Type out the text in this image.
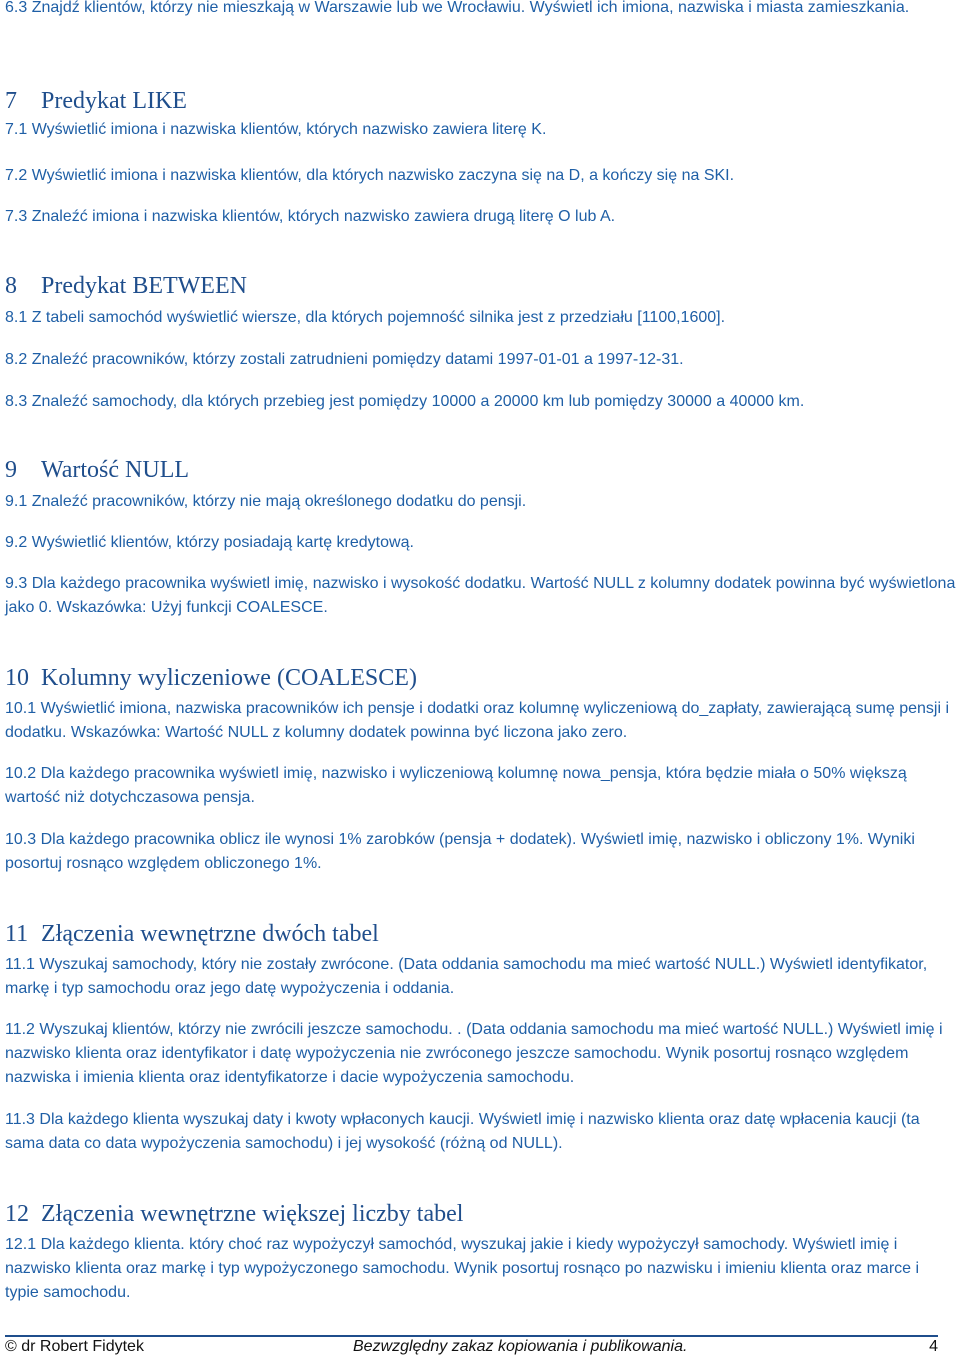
6.3 Znajdź klientów, którzy nie mieszkają w Warszawie lub we Wrocławiu. Wyświetl ich imiona, nazwiska i miasta zamieszkania.
7 Predykat LIKE
7.1 Wyświetlić imiona i nazwiska klientów, których nazwisko zawiera literę K.
7.2 Wyświetlić imiona i nazwiska klientów, dla których nazwisko zaczyna się na D, a kończy się na SKI.
7.3 Znaleźć imiona i nazwiska klientów, których nazwisko zawiera drugą literę O lub A.
8 Predykat BETWEEN
8.1 Z tabeli samochód wyświetlić wiersze, dla których pojemność silnika jest z przedziału [1100,1600].
8.2 Znaleźć pracowników, którzy zostali zatrudnieni pomiędzy datami 1997-01-01 a 1997-12-31.
8.3 Znaleźć samochody, dla których przebieg jest pomiędzy 10000 a 20000 km lub pomiędzy 30000 a 40000 km.
9 Wartość NULL
9.1 Znaleźć pracowników, którzy nie mają określonego dodatku do pensji.
9.2 Wyświetlić klientów, którzy posiadają kartę kredytową.
9.3 Dla każdego pracownika wyświetl imię, nazwisko i wysokość dodatku. Wartość NULL z kolumny dodatek powinna być wyświetlona jako 0. Wskazówka: Użyj funkcji COALESCE.
10 Kolumny wyliczeniowe (COALESCE)
10.1 Wyświetlić imiona, nazwiska pracowników ich pensje i dodatki oraz kolumnę wyliczeniową do_zapłaty, zawierającą sumę pensji i dodatku. Wskazówka: Wartość NULL z kolumny dodatek powinna być liczona jako zero.
10.2 Dla każdego pracownika wyświetl imię, nazwisko i wyliczeniową kolumnę nowa_pensja, która będzie miała o 50% większą wartość niż dotychczasowa pensja.
10.3 Dla każdego pracownika oblicz ile wynosi 1% zarobków (pensja + dodatek). Wyświetl imię, nazwisko i obliczony 1%. Wyniki posortuj rosnąco względem obliczonego 1%.
11 Złączenia wewnętrzne dwóch tabel
11.1 Wyszukaj samochody, który nie zostały zwrócone. (Data oddania samochodu ma mieć wartość NULL.) Wyświetl identyfikator, markę i typ samochodu oraz jego datę wypożyczenia i oddania.
11.2 Wyszukaj klientów, którzy nie zwrócili jeszcze samochodu. . (Data oddania samochodu ma mieć wartość NULL.) Wyświetl imię i nazwisko klienta oraz identyfikator i datę wypożyczenia nie zwróconego jeszcze samochodu. Wynik posortuj rosnąco względem nazwiska i imienia klienta oraz identyfikatorze i dacie wypożyczenia samochodu.
11.3 Dla każdego klienta wyszukaj daty i kwoty wpłaconych kaucji. Wyświetl imię i nazwisko klienta oraz datę wpłacenia kaucji (ta sama data co data wypożyczenia samochodu) i jej wysokość (różną od NULL).
12 Złączenia wewnętrzne większej liczby tabel
12.1 Dla każdego klienta. który choć raz wypożyczył samochód, wyszukaj jakie i kiedy wypożyczył samochody. Wyświetl imię i nazwisko klienta oraz markę i typ wypożyczonego samochodu. Wynik posortuj rosnąco po nazwisku i imieniu klienta oraz marce i typie samochodu.
© dr Robert Fidytek	Bezwzględny zakaz kopiowania i publikowania.	4
